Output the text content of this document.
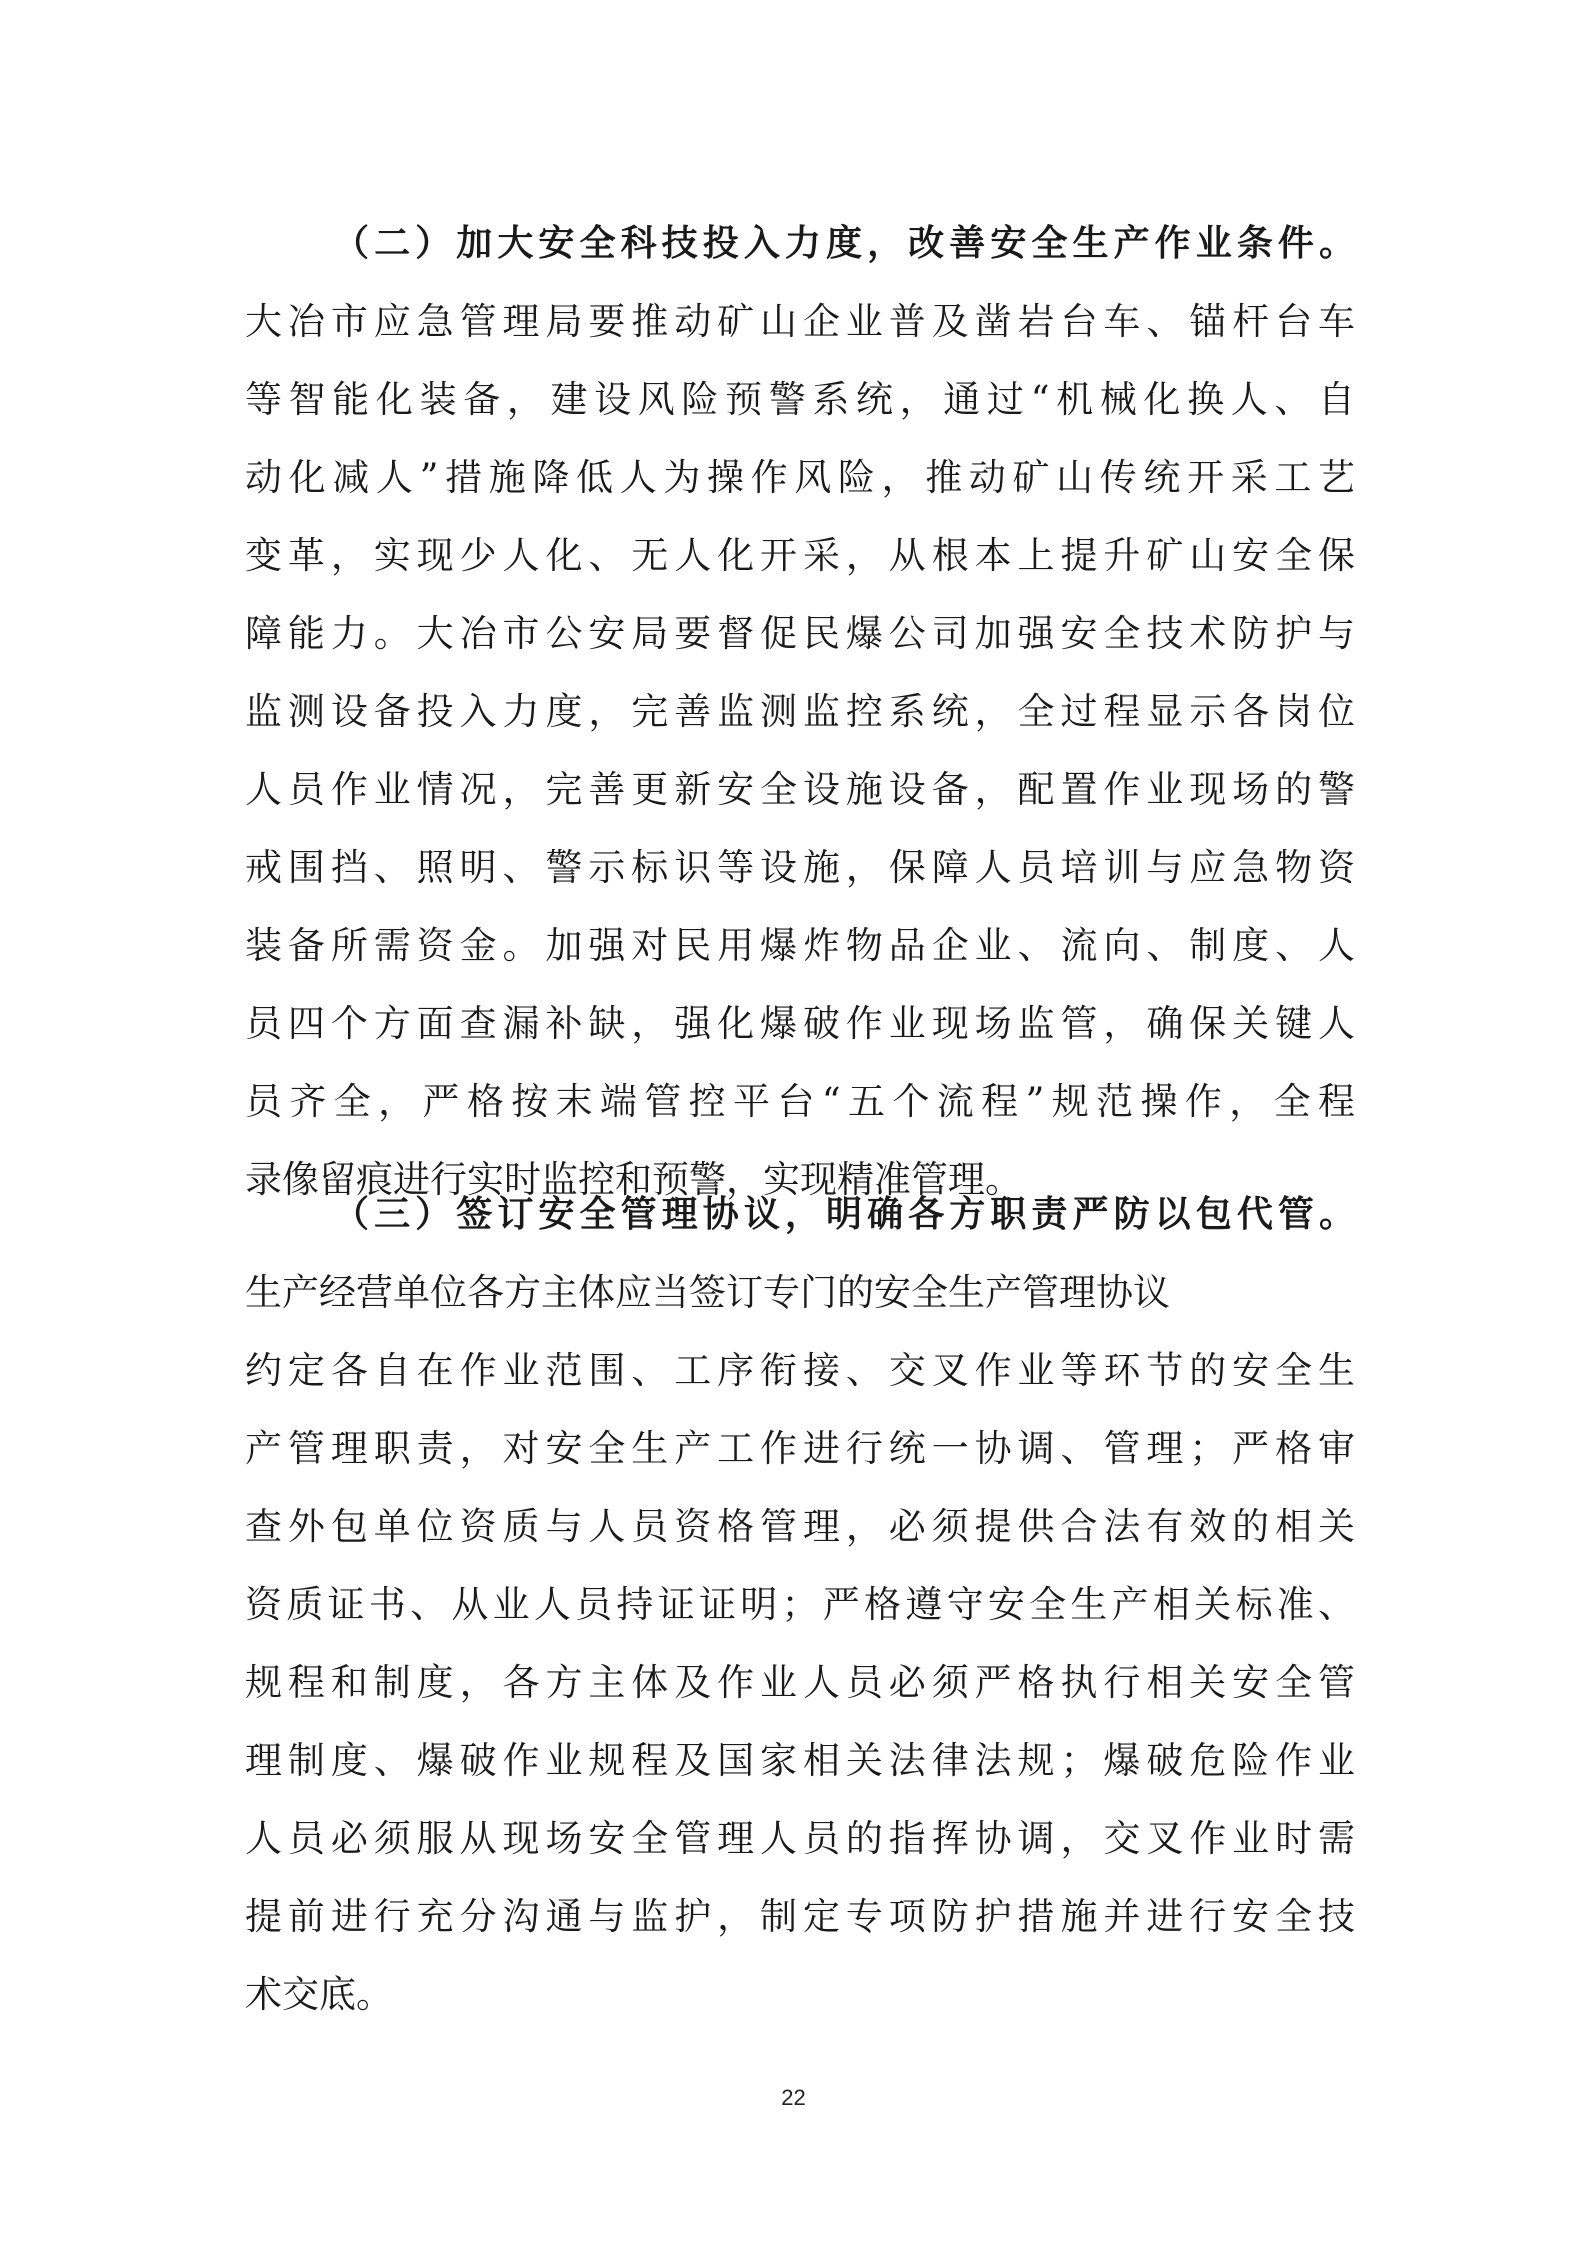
（二）加大安全科技投入力度，改善安全生产作业条件。
大冶市应急管理局要推动矿山企业普及凿岩台车、锚杆台车
等智能化装备，建设风险预警系统，通过“机械化换人、自
动化减人”措施降低人为操作风险，推动矿山传统开采工艺
变革，实现少人化、无人化开采，从根本上提升矿山安全保
障能力。大冶市公安局要督促民爆公司加强安全技术防护与
监测设备投入力度，完善监测监控系统，全过程显示各岗位
人员作业情况，完善更新安全设施设备，配置作业现场的警
戒围挡、照明、警示标识等设施，保障人员培训与应急物资
装备所需资金。加强对民用爆炸物品企业、流向、制度、人
员四个方面查漏补缺，强化爆破作业现场监管，确保关键人
员齐全，严格按末端管控平台“五个流程”规范操作，全程
录像留痕进行实时监控和预警，实现精准管理。
（三）签订安全管理协议，明确各方职责严防以包代管。
生产经营单位各方主体应当签订专门的安全生产管理协议
约定各自在作业范围、工序衔接、交叉作业等环节的安全生
产管理职责，对安全生产工作进行统一协调、管理；严格审
查外包单位资质与人员资格管理，必须提供合法有效的相关
资质证书、从业人员持证证明；严格遵守安全生产相关标准、
规程和制度，各方主体及作业人员必须严格执行相关安全管
理制度、爆破作业规程及国家相关法律法规；爆破危险作业
人员必须服从现场安全管理人员的指挥协调，交叉作业时需
提前进行充分沟通与监护，制定专项防护措施并进行安全技
术交底。
22
